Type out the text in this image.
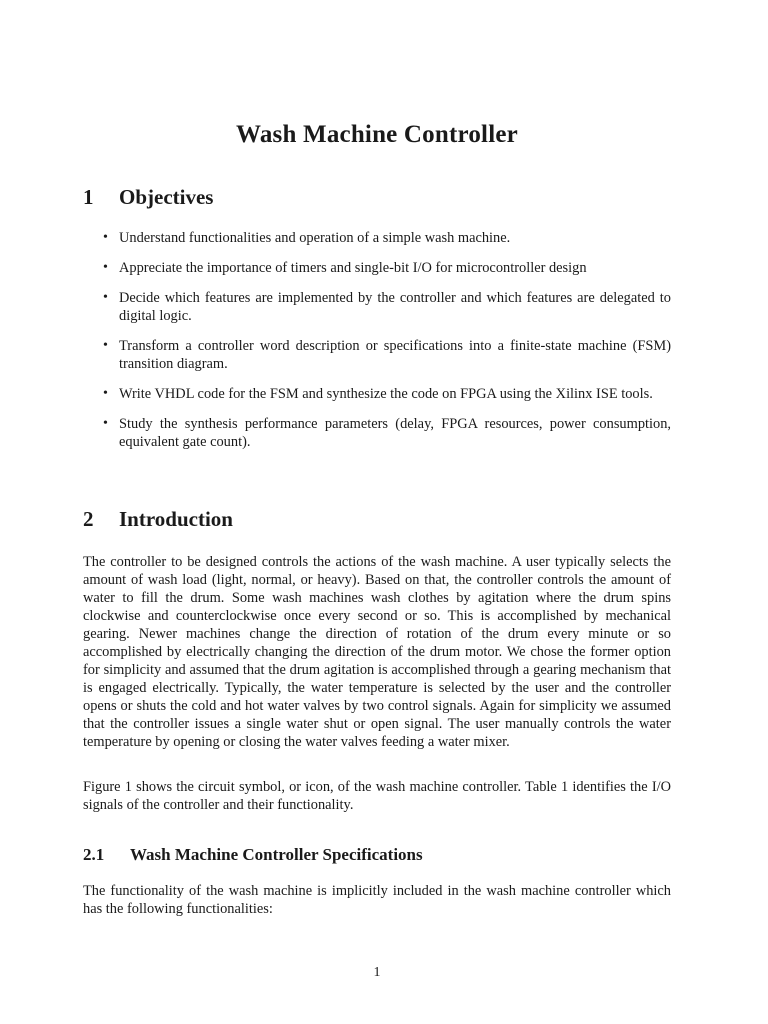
Wash Machine Controller
1 Objectives
• Understand functionalities and operation of a simple wash machine.
• Appreciate the importance of timers and single-bit I/O for microcontroller design
• Decide which features are implemented by the controller and which features are delegated to digital logic.
• Transform a controller word description or specifications into a finite-state machine (FSM) transition diagram.
• Write VHDL code for the FSM and synthesize the code on FPGA using the Xilinx ISE tools.
• Study the synthesis performance parameters (delay, FPGA resources, power consumption, equivalent gate count).
2 Introduction

The controller to be designed controls the actions of the wash machine. A user typically selects the amount of wash load (light, normal, or heavy). Based on that, the controller controls the amount of water to fill the drum. Some wash machines wash clothes by agitation where the drum spins clockwise and counterclockwise once every second or so. This is accomplished by mechanical gearing. Newer machines change the direction of rotation of the drum every minute or so accomplished by electrically changing the direction of the drum motor. We chose the former option for simplicity and assumed that the drum agitation is accomplished through a gearing mechanism that is engaged electrically. Typically, the water temperature is selected by the user and the controller opens or shuts the cold and hot water valves by two control signals. Again for simplicity we assumed that the controller issues a single water shut or open signal. The user manually controls the water temperature by opening or closing the water valves feeding a water mixer.

Figure 1 shows the circuit symbol, or icon, of the wash machine controller. Table 1 identifies the I/O signals of the controller and their functionality.

2.1 Wash Machine Controller Specifications

The functionality of the wash machine is implicitly included in the wash machine controller which has the following functionalities:

1
